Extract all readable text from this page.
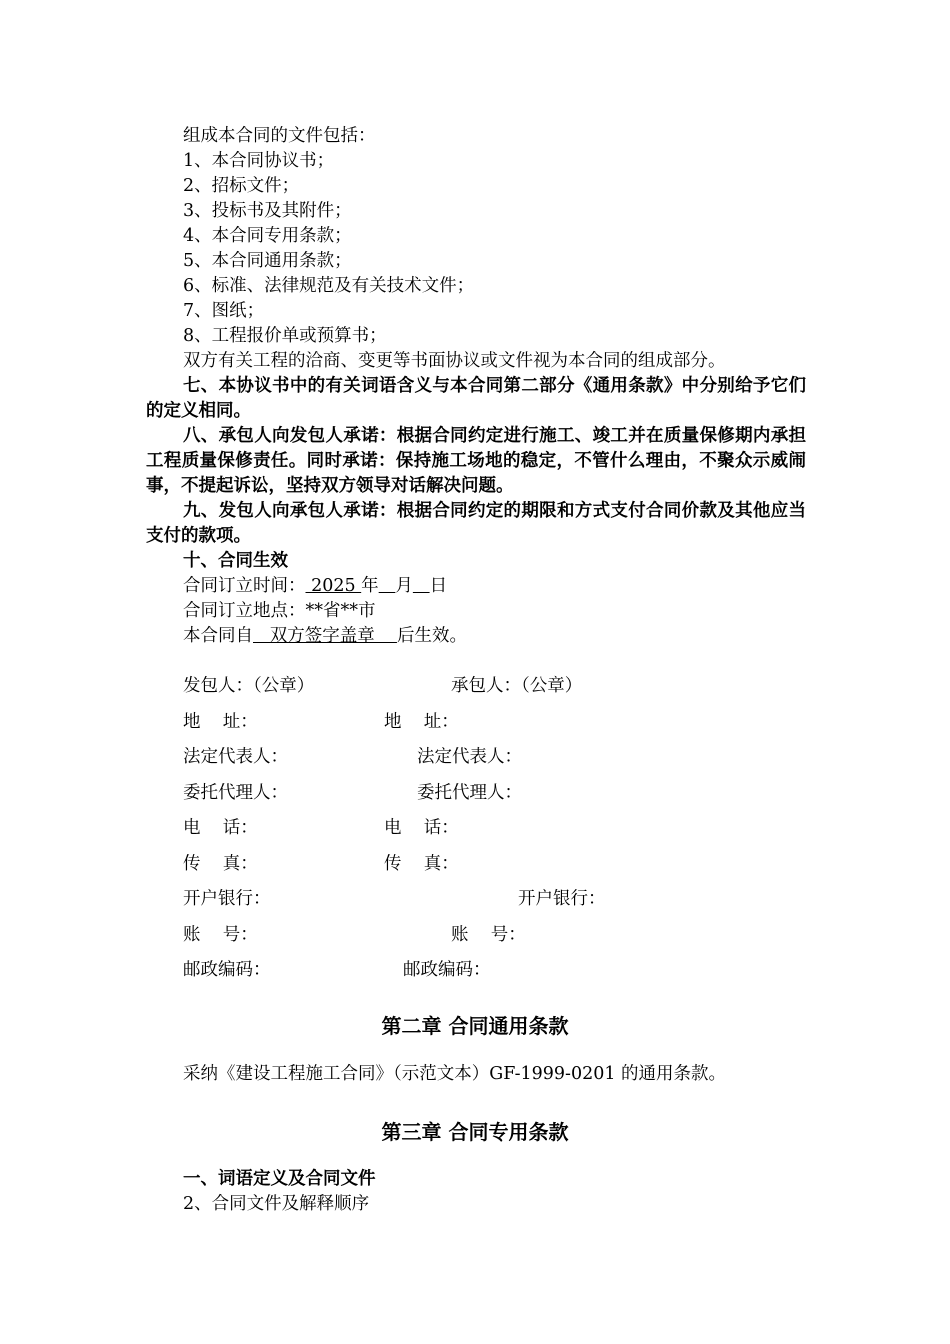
组成本合同的文件包括：
1、本合同协议书；
2、招标文件；
3、投标书及其附件；
4、本合同专用条款；
5、本合同通用条款；
6、标准、法律规范及有关技术文件；
7、图纸；
8、工程报价单或预算书；
双方有关工程的洽商、变更等书面协议或文件视为本合同的组成部分。
七、本协议书中的有关词语含义与本合同第二部分《通用条款》中分别给予它们的定义相同。
八、承包人向发包人承诺：根据合同约定进行施工、竣工并在质量保修期内承担工程质量保修责任。同时承诺：保持施工场地的稳定，不管什么理由，不聚众示威闹事，不提起诉讼，坚持双方领导对话解决问题。
九、发包人向承包人承诺：根据合同约定的期限和方式支付合同价款及其他应当支付的款项。
十、合同生效
合同订立时间： 2025 年 月 日
合同订立地点：**省**市
本合同自   双方签字盖章    后生效。
发包人：（公章）	承包人：（公章）
地    址：	地    址：
法定代表人：	法定代表人：
委托代理人：	委托代理人：
电    话：	电    话：
传    真：	传    真：
开户银行：	开户银行：
账    号：	账    号：
邮政编码：	邮政编码：
第二章 合同通用条款
采纳《建设工程施工合同》（示范文本）GF-1999-0201 的通用条款。
第三章 合同专用条款
一、词语定义及合同文件
2、合同文件及解释顺序
